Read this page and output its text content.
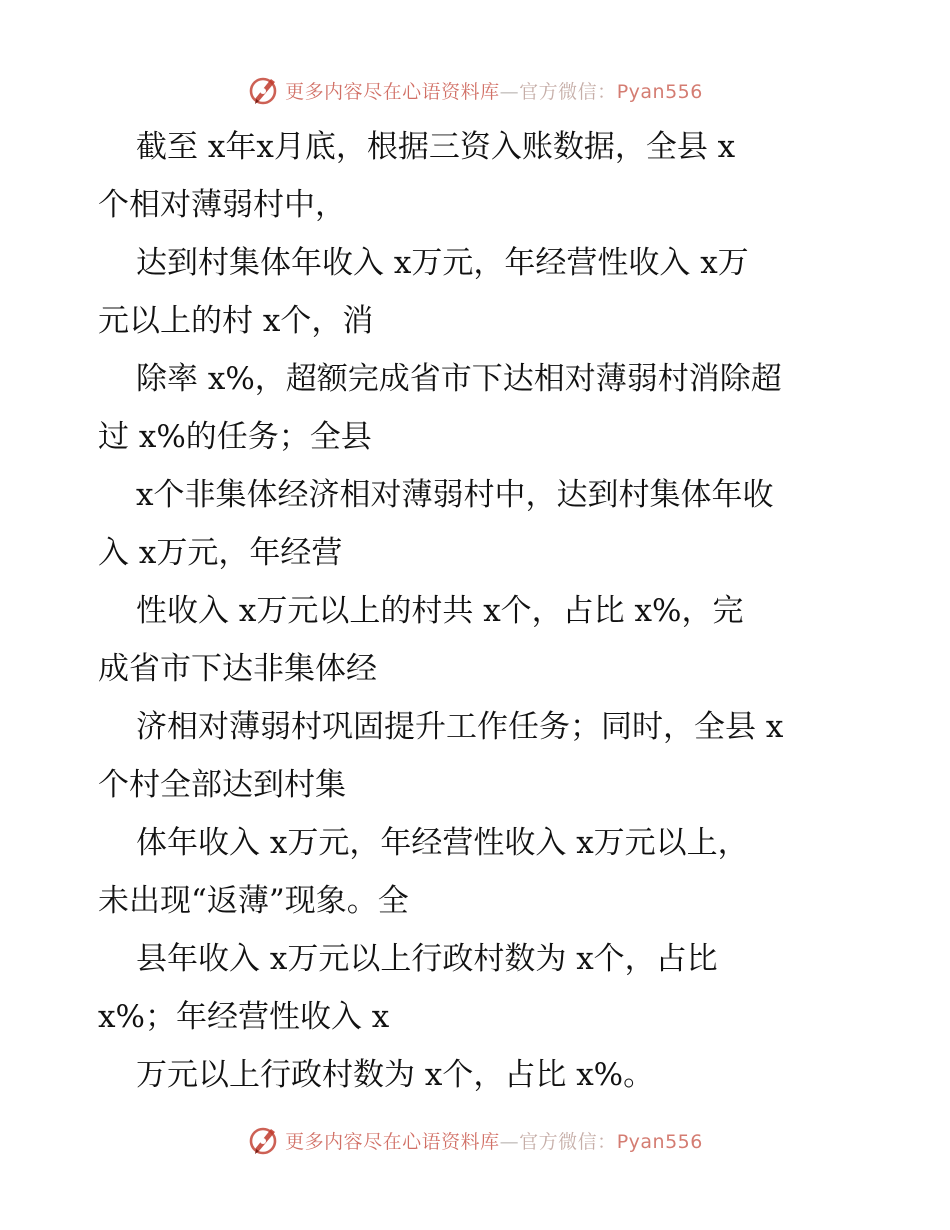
更多内容尽在心语资料库—官方微信：Pyan556
截至 x年x月底，根据三资入账数据，全县 x
个相对薄弱村中，
达到村集体年收入 x万元，年经营性收入 x万
元以上的村 x个，消
除率 x%，超额完成省市下达相对薄弱村消除超
过 x%的任务；全县
x个非集体经济相对薄弱村中，达到村集体年收
入 x万元，年经营
性收入 x万元以上的村共 x个，占比 x%，完
成省市下达非集体经
济相对薄弱村巩固提升工作任务；同时，全县 x
个村全部达到村集
体年收入 x万元，年经营性收入 x万元以上，
未出现“返薄”现象。全
县年收入 x万元以上行政村数为 x个，占比
x%；年经营性收入 x
万元以上行政村数为 x个，占比 x%。
更多内容尽在心语资料库—官方微信：Pyan556
